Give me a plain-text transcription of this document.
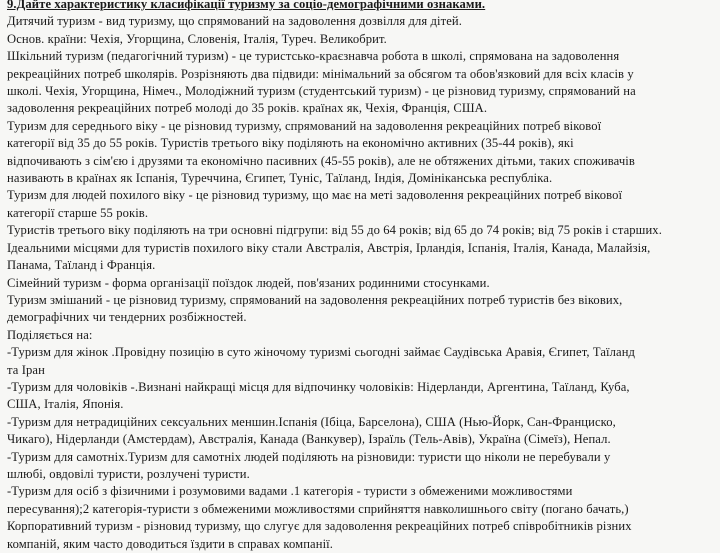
9.Дайте характеристику класифікації туризму за соціо-демографічними ознаками.
Дитячий туризм - вид туризму, що спрямований на задоволення дозвілля для дітей.
Основ. країни: Чехія, Угорщина, Словенія, Італія, Туреч. Великобрит.
Шкільний туризм (педагогічний туризм) - це туристсько-краєзнавча робота в школі, спрямована на задоволення
рекреаційних потреб школярів. Розрізняють два підвиди: мінімальний за обсягом та обов'язковий для всіх класів у
школі. Чехія, Угорщина, Німеч., Молодіжний туризм (студентський туризм) - це різновид туризму, спрямований на
задоволення рекреаційних потреб молоді до 35 років. країнах як, Чехія, Франція, США.
Туризм для середнього віку - це різновид туризму, спрямований на задоволення рекреаційних потреб вікової
категорії від 35 до 55 років. Туристів третього віку поділяють на економічно активних (35-44 років), які
відпочивають з сім'єю і друзями та економічно пасивних (45-55 років), але не обтяжених дітьми, таких споживачів
називають в країнах як Іспанія, Туреччина, Єгипет, Туніс, Таїланд, Індія, Домініканська республіка.
Туризм для людей похилого віку - це різновид туризму, що має на меті задоволення рекреаційних потреб вікової
категорії старше 55 років.
Туристів третього віку поділяють на три основні підгрупи: від 55 до 64 років; від 65 до 74 років; від 75 років і старших.
Ідеальними місцями для туристів похилого віку стали Австралія, Австрія, Ірландія, Іспанія, Італія, Канада, Малайзія,
Панама, Таїланд і Франція.
Сімейний туризм - форма організації поїздок людей, пов'язаних родинними стосунками.
Туризм змішаний - це різновид туризму, спрямований на задоволення рекреаційних потреб туристів без вікових,
демографічних чи тендерних розбіжностей.
Поділяється на:
-Туризм для жінок .Провідну позицію в суто жіночому туризмі сьогодні займає Саудівська Аравія, Єгипет, Таїланд
та Іран
-Туризм для чоловіків -.Визнані найкращі місця для відпочинку чоловіків: Нідерланди, Аргентина, Таїланд, Куба,
США, Італія, Японія.
-Туризм для нетрадиційних сексуальних меншин.Іспанія (Ібіца, Барселона), США (Нью-Йорк, Сан-Франциско,
Чикаго), Нідерланди (Амстердам), Австралія, Канада (Ванкувер), Ізраїль (Тель-Авів), Україна (Сімеїз), Непал.
-Туризм для самотніх.Туризм для самотніх людей поділяють на різновиди: туристи що ніколи не перебували у
шлюбі, овдовілі туристи, розлучені туристи.
-Туризм для осіб з фізичними і розумовими вадами .1 категорія - туристи з обмеженими можливостями
пересування);2 категорія-туристи з обмеженими можливостями сприйняття навколишнього світу (погано бачать,)
Корпоративний туризм - різновид туризму, що слугує для задоволення рекреаційних потреб співробітників різних
компаній, яким часто доводиться їздити в справах компанії.
